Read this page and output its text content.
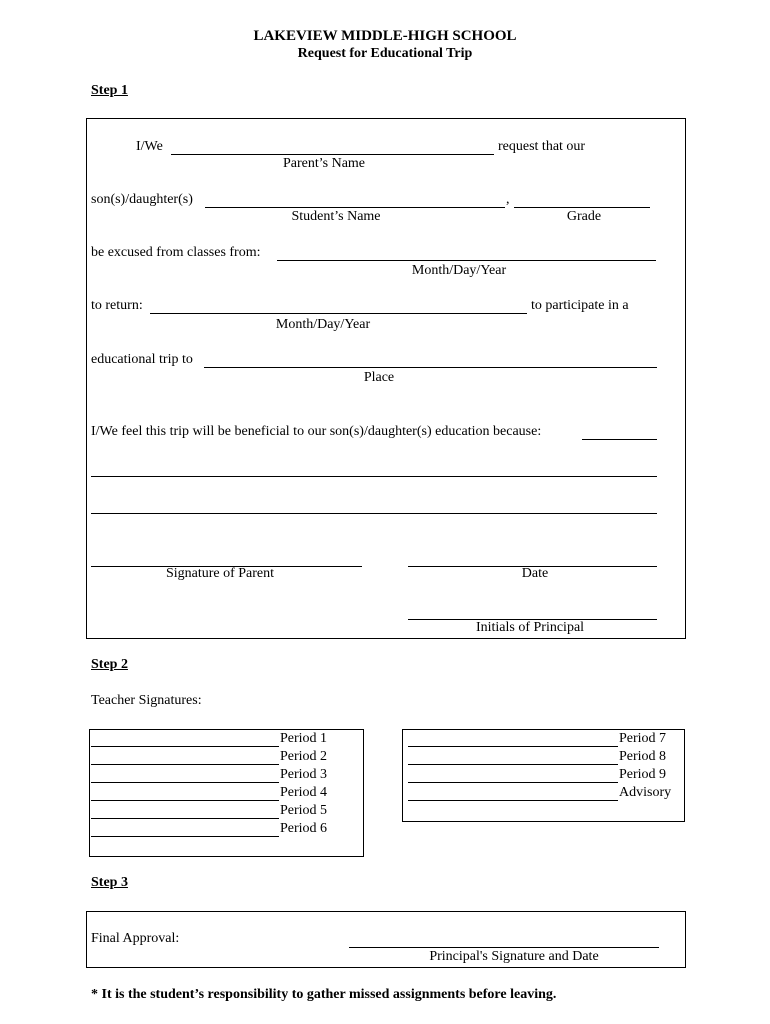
LAKEVIEW MIDDLE-HIGH SCHOOL
Request for Educational Trip
Step 1
I/We	request that our
Parent’s Name
son(s)/daughter(s)	,
Student’s Name	Grade
be excused from classes from:
Month/Day/Year
to return:	to participate in a
Month/Day/Year
educational trip to
Place
I/We feel this trip will be beneficial to our son(s)/daughter(s) education because:
Signature of Parent	Date
Initials of Principal
Step 2
Teacher Signatures:
Period 1
Period 2
Period 3
Period 4
Period 5
Period 6
Period 7
Period 8
Period 9
Advisory
Step 3
Final Approval:
Principal's Signature and Date
* It is the student’s responsibility to gather missed assignments before leaving.
